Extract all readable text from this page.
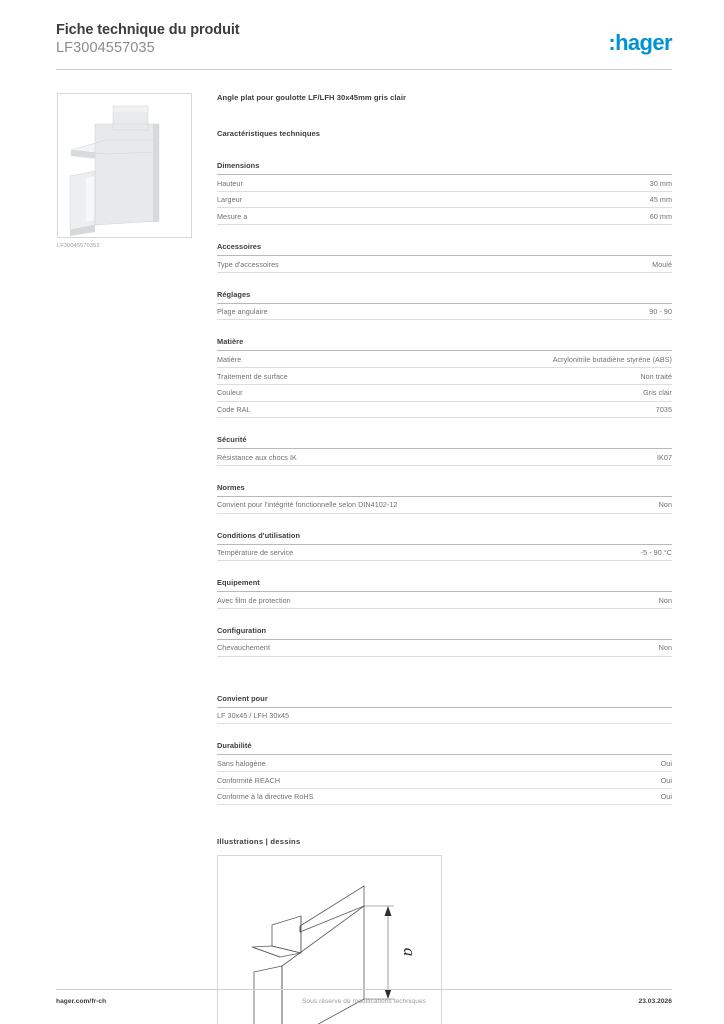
Fiche technique du produit
LF3004557035	:hager
LF30045570352
Angle plat pour goulotte LF/LFH 30x45mm gris clair
Caractéristiques techniques
Dimensions
Hauteur	30 mm
Largeur	45 mm
Mesure a	60 mm
Accessoires
Type d'accessoires	Moulé
Réglages
Plage angulaire	90 - 90
Matière
Matière	Acrylonitrile butadiène styrène (ABS)
Traitement de surface	Non traité
Couleur	Gris clair
Code RAL	7035
Sécurité
Résistance aux chocs IK	IK07
Normes
Convient pour l'intégrité fonctionnelle selon DIN4102-12	Non
Conditions d'utilisation
Température de service	-5 - 90 °C
Equipement
Avec film de protection	Non
Configuration
Chevauchement	Non
Convient pour
LF 30x45 / LFH 30x45
Durabilité
Sans halogène	Oui
Conformité REACH	Oui
Conforme à la directive RoHS	Oui
Illustrations | dessins
a
hager.com/fr-ch	Sous réserve de modifications techniques	23.03.2026
